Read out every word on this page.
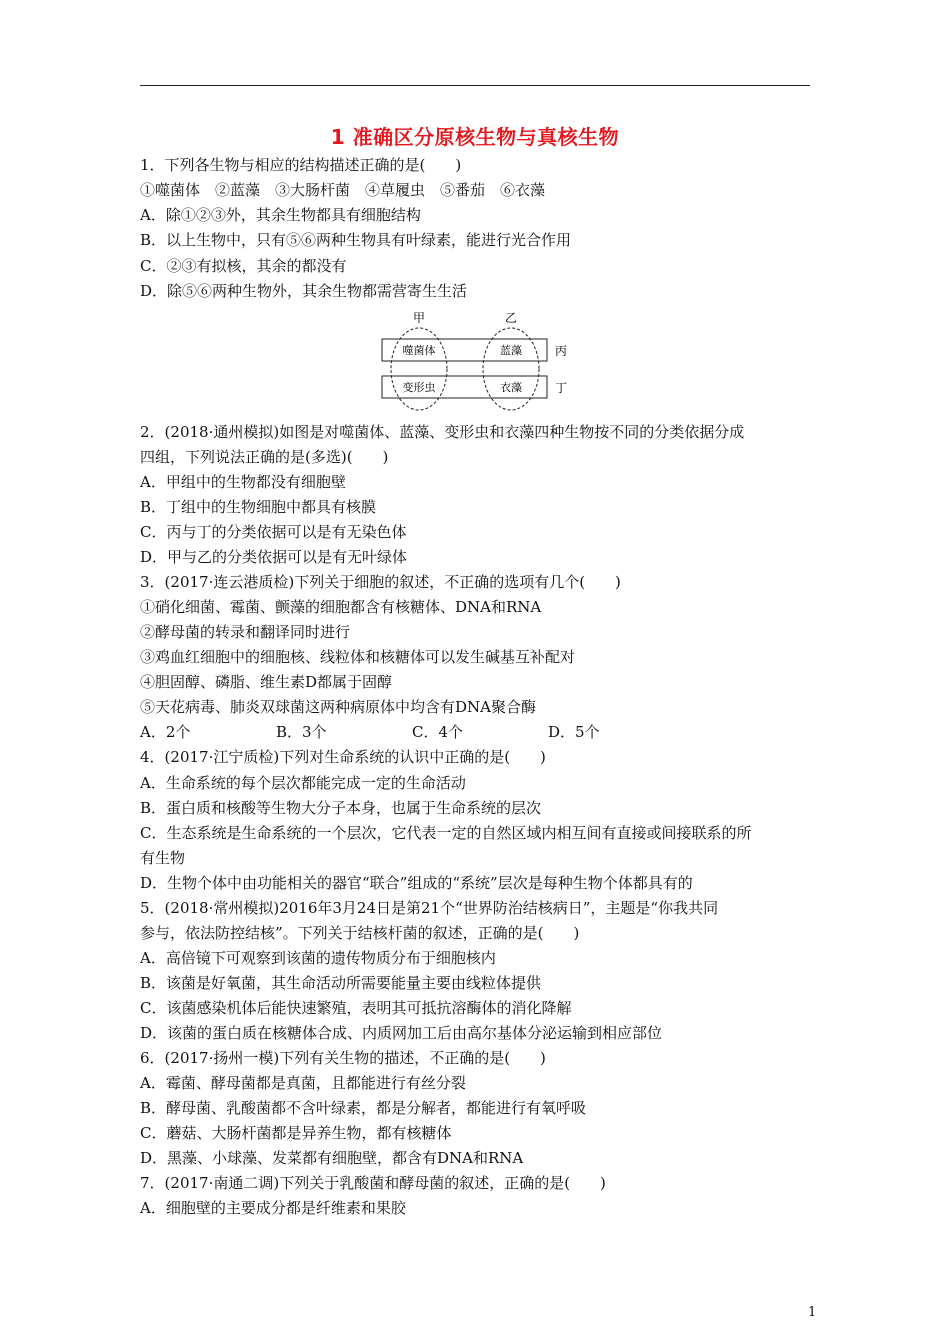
1 准确区分原核生物与真核生物
1．下列各生物与相应的结构描述正确的是(　　)
①噬菌体　②蓝藻　③大肠杆菌　④草履虫　⑤番茄　⑥衣藻
A．除①②③外，其余生物都具有细胞结构
B．以上生物中，只有⑤⑥两种生物具有叶绿素，能进行光合作用
C．②③有拟核，其余的都没有
D．除⑤⑥两种生物外，其余生物都需营寄生生活
甲	乙
丙
丁
噬菌体	蓝藻
变形虫	衣藻
2．(2018·通州模拟)如图是对噬菌体、蓝藻、变形虫和衣藻四种生物按不同的分类依据分成
四组，下列说法正确的是(多选)(　　)
A．甲组中的生物都没有细胞壁
B．丁组中的生物细胞中都具有核膜
C．丙与丁的分类依据可以是有无染色体
D．甲与乙的分类依据可以是有无叶绿体
3．(2017·连云港质检)下列关于细胞的叙述，不正确的选项有几个(　　)
①硝化细菌、霉菌、颤藻的细胞都含有核糖体、DNA和RNA
②酵母菌的转录和翻译同时进行
③鸡血红细胞中的细胞核、线粒体和核糖体可以发生碱基互补配对
④胆固醇、磷脂、维生素D都属于固醇
⑤天花病毒、肺炎双球菌这两种病原体中均含有DNA聚合酶
A．2个	B．3个	C．4个	D．5个
4．(2017·江宁质检)下列对生命系统的认识中正确的是(　　)
A．生命系统的每个层次都能完成一定的生命活动
B．蛋白质和核酸等生物大分子本身，也属于生命系统的层次
C．生态系统是生命系统的一个层次，它代表一定的自然区域内相互间有直接或间接联系的所
有生物
D．生物个体中由功能相关的器官“联合”组成的“系统”层次是每种生物个体都具有的
5．(2018·常州模拟)2016年3月24日是第21个“世界防治结核病日”，主题是“你我共同
参与，依法防控结核”。下列关于结核杆菌的叙述，正确的是(　　)
A．高倍镜下可观察到该菌的遗传物质分布于细胞核内
B．该菌是好氧菌，其生命活动所需要能量主要由线粒体提供
C．该菌感染机体后能快速繁殖，表明其可抵抗溶酶体的消化降解
D．该菌的蛋白质在核糖体合成、内质网加工后由高尔基体分泌运输到相应部位
6．(2017·扬州一模)下列有关生物的描述，不正确的是(　　)
A．霉菌、酵母菌都是真菌，且都能进行有丝分裂
B．酵母菌、乳酸菌都不含叶绿素，都是分解者，都能进行有氧呼吸
C．蘑菇、大肠杆菌都是异养生物，都有核糖体
D．黑藻、小球藻、发菜都有细胞壁，都含有DNA和RNA
7．(2017·南通二调)下列关于乳酸菌和酵母菌的叙述，正确的是(　　)
A．细胞壁的主要成分都是纤维素和果胶
1
